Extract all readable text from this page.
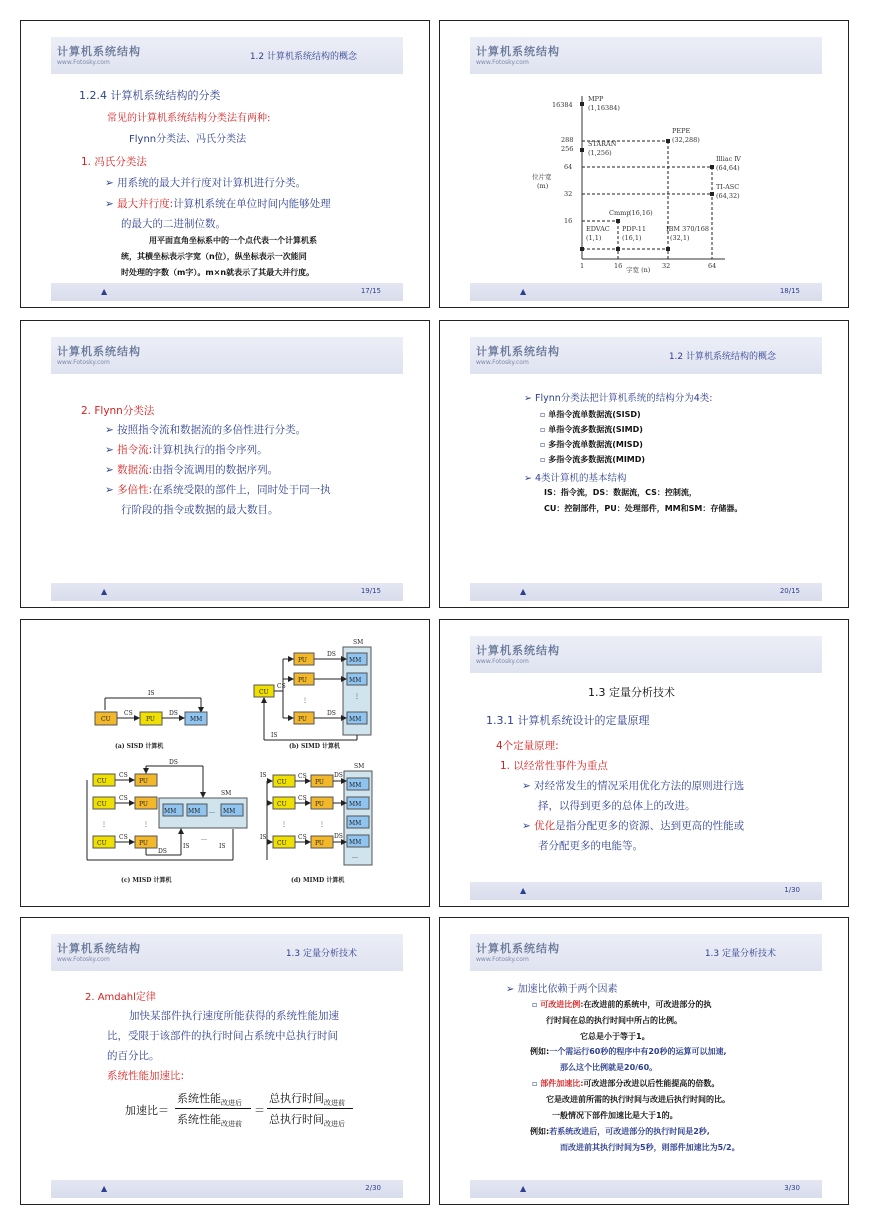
计算机系统结构
www.Fotosky.com
1.2 计算机系统结构的概念
1.2.4 计算机系统结构的分类
常见的计算机系统结构分类法有两种:
Flynn分类法、冯氏分类法
1. 冯氏分类法
➢ 用系统的最大并行度对计算机进行分类。
➢ 最大并行度:计算机系统在单位时间内能够处理
的最大的二进制位数。
用平面直角坐标系中的一个点代表一个计算机系
统，其横坐标表示字宽（n位），纵坐标表示一次能同
时处理的字数（m字）。m×n就表示了其最大并行度。
▲	17/15
计算机系统结构
www.Fotosky.com
位片宽
(m)
字宽 (n)
16384
288
256
64
32
16
1	16	32	64
MPP
(1,16384)
STARAN
(1,256)
PEPE
(32,288)
Illiac Ⅳ
(64,64)
TI-ASC
(64,32)
Cmmp
(16,16)
EDVAC
(1,1)
PDP-11
(16,1)
IBM 370/168
(32,1)
▲	18/15
计算机系统结构
www.Fotosky.com
2. Flynn分类法
➢ 按照指令流和数据流的多倍性进行分类。
➢ 指令流:计算机执行的指令序列。
➢ 数据流:由指令流调用的数据序列。
➢ 多倍性:在系统受限的部件上，同时处于同一执
行阶段的指令或数据的最大数目。
▲	19/15
计算机系统结构
www.Fotosky.com
1.2 计算机系统结构的概念
➢ Flynn分类法把计算机系统的结构分为4类:
▫ 单指令流单数据流(SISD)
▫ 单指令流多数据流(SIMD)
▫ 多指令流单数据流(MISD)
▫ 多指令流多数据流(MIMD)
➢ 4类计算机的基本结构
IS：指令流，DS：数据流，CS：控制流，
CU：控制部件，PU：处理部件，MM和SM：存储器。
▲	20/15
IS
CU
CS
PU
DS
MM
(a) SISD 计算机
SM
CU
PU
PU
PU
MM
MM
MM
⋮
⋮
CS
DS
DS
IS
(b) SIMD 计算机
SM
MM MM … MM
CU
CU
CU
PU
PU
PU
CS
CS
CS
⋮	⋮
DS
DS
IS	IS
…
(c) MISD 计算机
SM
CU
CU
CU
PU
PU
PU
MM
MM
MM
MM
…
CS
CS
CS
DS
DS
IS
IS
⋮	⋮
(d) MIMD 计算机
计算机系统结构
www.Fotosky.com
1.3 定量分析技术
1.3.1 计算机系统设计的定量原理
4个定量原理:
1. 以经常性事件为重点
➢ 对经常发生的情况采用优化方法的原则进行选
择，以得到更多的总体上的改进。
➢ 优化是指分配更多的资源、达到更高的性能或
者分配更多的电能等。
▲	1/30
计算机系统结构
www.Fotosky.com
1.3 定量分析技术
2. Amdahl定律
加快某部件执行速度所能获得的系统性能加速
比，受限于该部件的执行时间占系统中总执行时间
的百分比。
系统性能加速比:
加速比＝
系统性能$_{改进后}$
系统性能$_{改进前}$
＝
总执行时间$_{改进前}$
总执行时间$_{改进后}$
▲	2/30
计算机系统结构
www.Fotosky.com
1.3 定量分析技术
➢ 加速比依赖于两个因素
▫ 可改进比例:在改进前的系统中，可改进部分的执
行时间在总的执行时间中所占的比例。
它总是小于等于1。
例如:一个需运行60秒的程序中有20秒的运算可以加速,
那么这个比例就是20/60。
▫ 部件加速比:可改进部分改进以后性能提高的倍数。
它是改进前所需的执行时间与改进后执行时间的比。
一般情况下部件加速比是大于1的。
例如:若系统改进后，可改进部分的执行时间是2秒,
而改进前其执行时间为5秒，则部件加速比为5/2。
▲	3/30
